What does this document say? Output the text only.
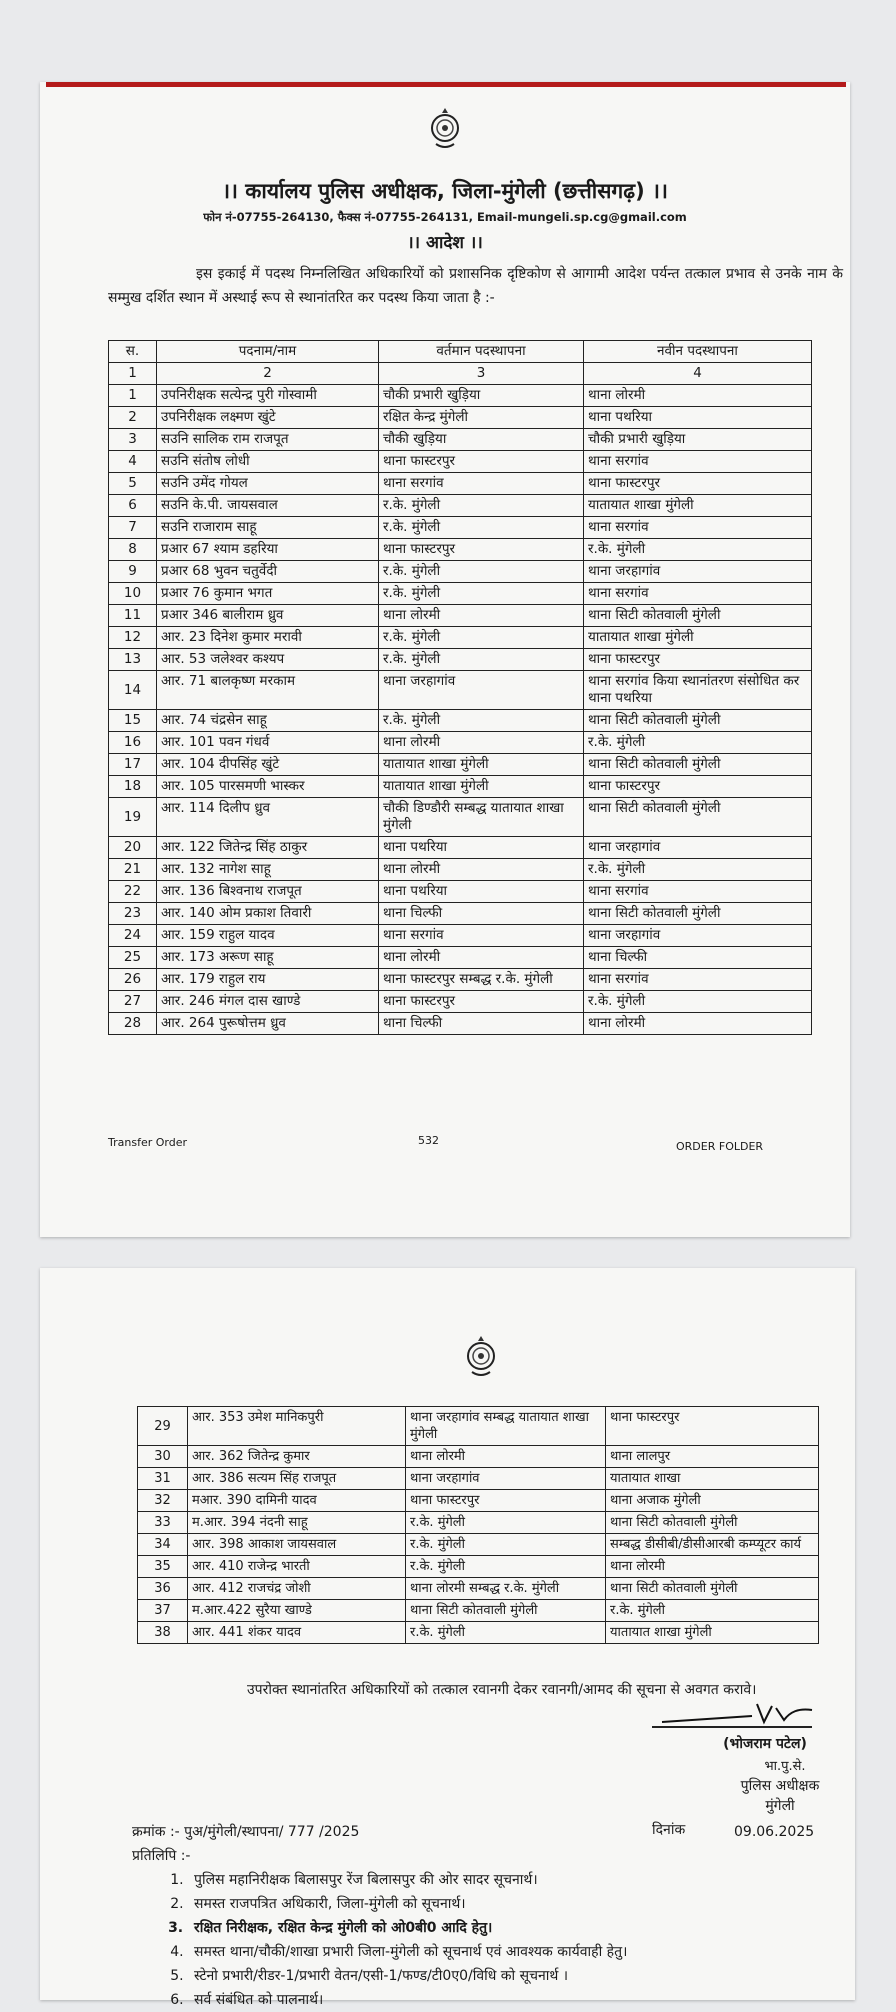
।। कार्यालय पुलिस अधीक्षक, जिला-मुंगेली (छत्तीसगढ़) ।।
फोन नं-07755-264130, फैक्स नं-07755-264131, Email-mungeli.sp.cg@gmail.com
।। आदेश ।।
इस इकाई में पदस्थ निम्नलिखित अधिकारियों को प्रशासनिक दृष्टिकोण से आगामी आदेश पर्यन्त तत्काल प्रभाव से उनके नाम के सम्मुख दर्शित स्थान में अस्थाई रूप से स्थानांतरित कर पदस्थ किया जाता है :-
स.	पदनाम/नाम	वर्तमान पदस्थापना	नवीन पदस्थापना
1	2	3	4
1	उपनिरीक्षक सत्येन्द्र पुरी गोस्वामी	चौकी प्रभारी खुड़िया	थाना लोरमी
2	उपनिरीक्षक लक्ष्मण खुंटे	रक्षित केन्द्र मुंगेली	थाना पथरिया
3	सउनि सालिक राम राजपूत	चौकी खुड़िया	चौकी प्रभारी खुड़िया
4	सउनि संतोष लोधी	थाना फास्टरपुर	थाना सरगांव
5	सउनि उमेंद गोयल	थाना सरगांव	थाना फास्टरपुर
6	सउनि के.पी. जायसवाल	र.के. मुंगेली	यातायात शाखा मुंगेली
7	सउनि राजाराम साहू	र.के. मुंगेली	थाना सरगांव
8	प्रआर 67 श्याम डहरिया	थाना फास्टरपुर	र.के. मुंगेली
9	प्रआर 68 भुवन चतुर्वेदी	र.के. मुंगेली	थाना जरहागांव
10	प्रआर 76 कुमान भगत	र.के. मुंगेली	थाना सरगांव
11	प्रआर 346 बालीराम ध्रुव	थाना लोरमी	थाना सिटी कोतवाली मुंगेली
12	आर. 23 दिनेश कुमार मरावी	र.के. मुंगेली	यातायात शाखा मुंगेली
13	आर. 53 जलेश्वर कश्यप	र.के. मुंगेली	थाना फास्टरपुर
14	आर. 71 बालकृष्ण मरकाम	थाना जरहागांव	थाना सरगांव किया स्थानांतरण संसोधित कर थाना पथरिया
15	आर. 74 चंद्रसेन साहू	र.के. मुंगेली	थाना सिटी कोतवाली मुंगेली
16	आर. 101 पवन गंधर्व	थाना लोरमी	र.के. मुंगेली
17	आर. 104 दीपसिंह खुंटे	यातायात शाखा मुंगेली	थाना सिटी कोतवाली मुंगेली
18	आर. 105 पारसमणी भास्कर	यातायात शाखा मुंगेली	थाना फास्टरपुर
19	आर. 114 दिलीप ध्रुव	चौकी डिण्डौरी सम्बद्ध यातायात शाखा मुंगेली	थाना सिटी कोतवाली मुंगेली
20	आर. 122 जितेन्द्र सिंह ठाकुर	थाना पथरिया	थाना जरहागांव
21	आर. 132 नागेश साहू	थाना लोरमी	र.के. मुंगेली
22	आर. 136 बिश्वनाथ राजपूत	थाना पथरिया	थाना सरगांव
23	आर. 140 ओम प्रकाश तिवारी	थाना चिल्फी	थाना सिटी कोतवाली मुंगेली
24	आर. 159 राहुल यादव	थाना सरगांव	थाना जरहागांव
25	आर. 173 अरूण साहू	थाना लोरमी	थाना चिल्फी
26	आर. 179 राहुल राय	थाना फास्टरपुर सम्बद्ध र.के. मुंगेली	थाना सरगांव
27	आर. 246 मंगल दास खाण्डे	थाना फास्टरपुर	र.के. मुंगेली
28	आर. 264 पुरूषोत्तम ध्रुव	थाना चिल्फी	थाना लोरमी
Transfer Order	532	ORDER FOLDER
29	आर. 353 उमेश मानिकपुरी	थाना जरहागांव सम्बद्ध यातायात शाखा मुंगेली	थाना फास्टरपुर
30	आर. 362 जितेन्द्र कुमार	थाना लोरमी	थाना लालपुर
31	आर. 386 सत्यम सिंह राजपूत	थाना जरहागांव	यातायात शाखा
32	मआर. 390 दामिनी यादव	थाना फास्टरपुर	थाना अजाक मुंगेली
33	म.आर. 394 नंदनी साहू	र.के. मुंगेली	थाना सिटी कोतवाली मुंगेली
34	आर. 398 आकाश जायसवाल	र.के. मुंगेली	सम्बद्ध डीसीबी/डीसीआरबी कम्प्यूटर कार्य
35	आर. 410 राजेन्द्र भारती	र.के. मुंगेली	थाना लोरमी
36	आर. 412 राजचंद्र जोशी	थाना लोरमी सम्बद्ध र.के. मुंगेली	थाना सिटी कोतवाली मुंगेली
37	म.आर.422 सुरैया खाण्डे	थाना सिटी कोतवाली मुंगेली	र.के. मुंगेली
38	आर. 441 शंकर यादव	र.के. मुंगेली	यातायात शाखा मुंगेली
उपरोक्त स्थानांतरित अधिकारियों को तत्काल रवानगी देकर रवानगी/आमद की सूचना से अवगत करावे।
(भोजराम पटेल)
भा.पु.से.
पुलिस अधीक्षक
मुंगेली
क्रमांक :- पुअ/मुंगेली/स्थापना/ 777 /2025	दिनांक	09.06.2025
प्रतिलिपि :-
1. पुलिस महानिरीक्षक बिलासपुर रेंज बिलासपुर की ओर सादर सूचनार्थ।
2. समस्त राजपत्रित अधिकारी, जिला-मुंगेली को सूचनार्थ।
3. रक्षित निरीक्षक, रक्षित केन्द्र मुंगेली को ओ0बी0 आदि हेतु।
4. समस्त थाना/चौकी/शाखा प्रभारी जिला-मुंगेली को सूचनार्थ एवं आवश्यक कार्यवाही हेतु।
5. स्टेनो प्रभारी/रीडर-1/प्रभारी वेतन/एसी-1/फण्ड/टी0ए0/विधि को सूचनार्थ ।
6. सर्व संबंधित को पालनार्थ।
